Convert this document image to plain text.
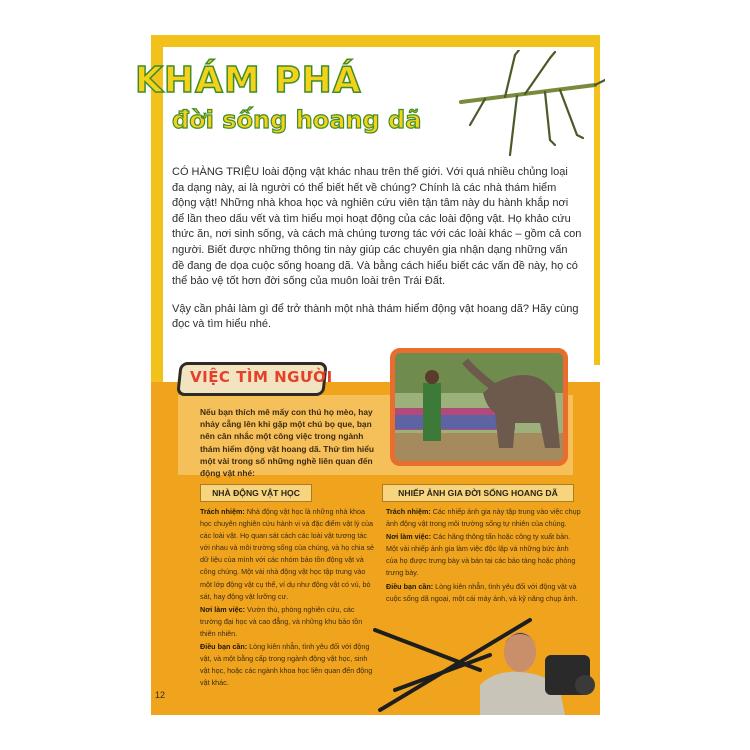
KHÁM PHÁ
đời sống hoang dã

CÓ HÀNG TRIỆU loài động vật khác nhau trên thế giới. Với quá nhiều chủng loại đa dạng này, ai là người có thể biết hết về chúng? Chính là các nhà thám hiểm động vật! Những nhà khoa học và nghiên cứu viên tận tâm này du hành khắp nơi để lần theo dấu vết và tìm hiểu mọi hoạt động của các loài động vật. Họ khảo cứu thức ăn, nơi sinh sống, và cách mà chúng tương tác với các loài khác – gồm cả con người. Biết được những thông tin này giúp các chuyên gia nhận dạng những vấn đề đang đe dọa cuộc sống hoang dã. Và bằng cách hiểu biết các vấn đề này, họ có thể bảo vệ tốt hơn đời sống của muôn loài trên Trái Đất.

Vậy cần phải làm gì để trở thành một nhà thám hiểm động vật hoang dã? Hãy cùng đọc và tìm hiểu nhé.

VIỆC TÌM NGƯỜI

Nếu bạn thích mê mấy con thú họ mèo, hay nhảy cẫng lên khi gặp một chú bọ que, bạn nên cân nhắc một công việc trong ngành thám hiểm động vật hoang dã. Thử tìm hiểu một vài trong số những nghề liên quan đến động vật nhé:

NHÀ ĐỘNG VẬT HỌC	NHIẾP ẢNH GIA ĐỜI SỐNG HOANG DÃ

Trách nhiệm: Nhà động vật học là những nhà khoa học chuyên nghiên cứu hành vi và đặc điểm vật lý của các loài vật. Họ quan sát cách các loài vật tương tác với nhau và môi trường sống của chúng, và họ chia sẻ dữ liệu của mình với các nhóm bảo tồn động vật và công chúng. Một vài nhà động vật học tập trung vào một lớp động vật cụ thể, ví dụ như động vật có vú, bò sát, hay động vật lưỡng cư.

Nơi làm việc: Vườn thú, phòng nghiên cứu, các trường đại học và cao đẳng, và những khu bảo tồn thiên nhiên.

Điều bạn cần: Lòng kiên nhẫn, tình yêu đối với động vật, và một bằng cấp trong ngành động vật học, sinh vật học, hoặc các ngành khoa học liên quan đến động vật khác.

Trách nhiệm: Các nhiếp ảnh gia này tập trung vào việc chụp ảnh động vật trong môi trường sống tự nhiên của chúng.

Nơi làm việc: Các hãng thông tấn hoặc công ty xuất bản. Một vài nhiếp ảnh gia làm việc độc lập và những bức ảnh của họ được trưng bày và bán tại các bảo tàng hoặc phòng trưng bày.

Điều bạn cần: Lòng kiên nhẫn, tình yêu đối với động vật và cuộc sống dã ngoại, một cái máy ảnh, và kỹ năng chụp ảnh.

12
